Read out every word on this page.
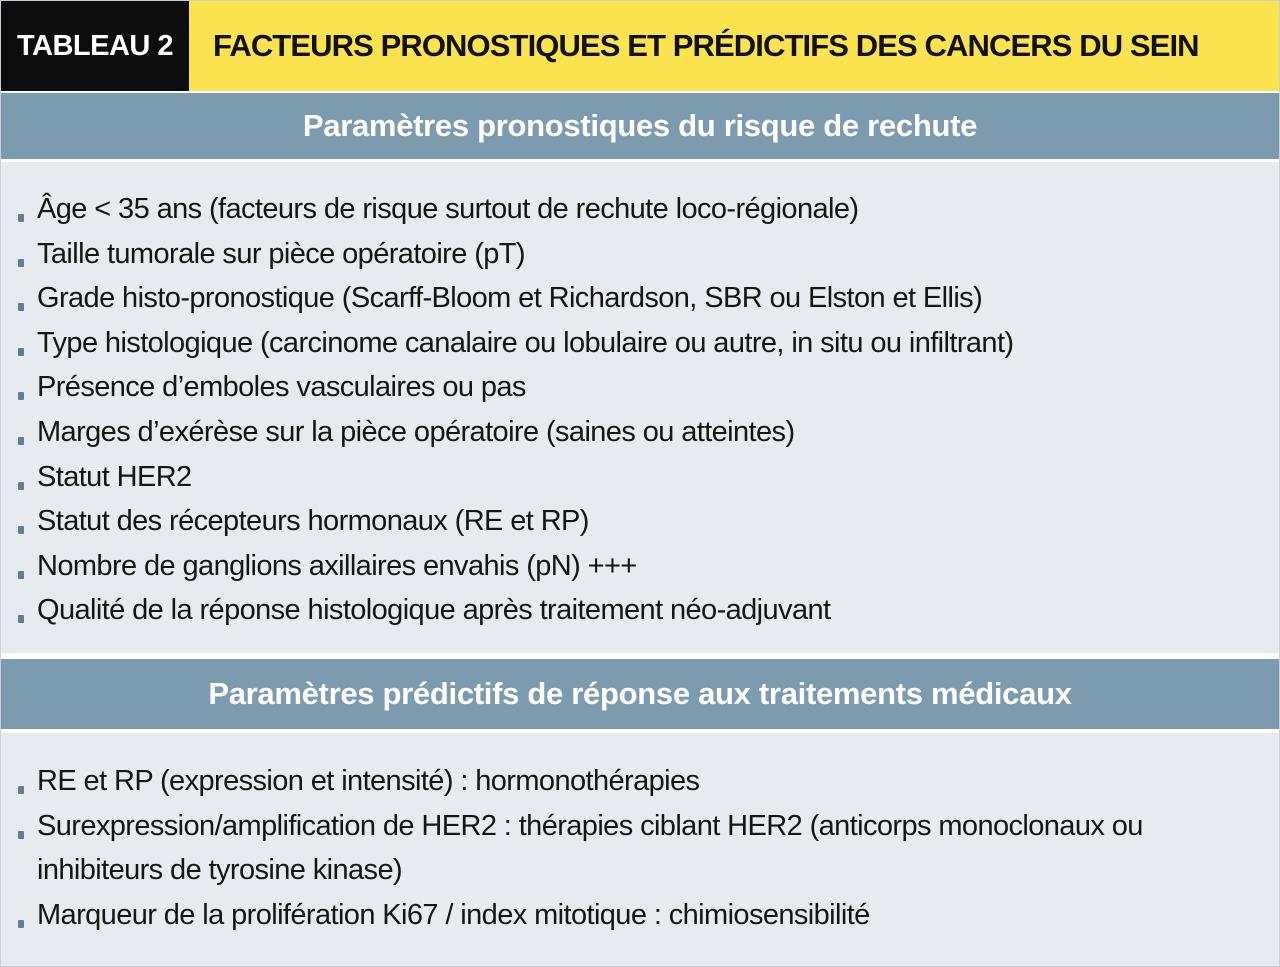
TABLEAU 2	FACTEURS PRONOSTIQUES ET PRÉDICTIFS DES CANCERS DU SEIN
Paramètres pronostiques du risque de rechute
Âge < 35 ans (facteurs de risque surtout de rechute loco-régionale)
Taille tumorale sur pièce opératoire (pT)
Grade histo-pronostique (Scarff-Bloom et Richardson, SBR ou Elston et Ellis)
Type histologique (carcinome canalaire ou lobulaire ou autre, in situ ou infiltrant)
Présence d’emboles vasculaires ou pas
Marges d’exérèse sur la pièce opératoire (saines ou atteintes)
Statut HER2
Statut des récepteurs hormonaux (RE et RP)
Nombre de ganglions axillaires envahis (pN) +++
Qualité de la réponse histologique après traitement néo-adjuvant
Paramètres prédictifs de réponse aux traitements médicaux
RE et RP (expression et intensité) : hormonothérapies
Surexpression/amplification de HER2 : thérapies ciblant HER2 (anticorps monoclonaux ou inhibiteurs de tyrosine kinase)
Marqueur de la prolifération Ki67 / index mitotique : chimiosensibilité
